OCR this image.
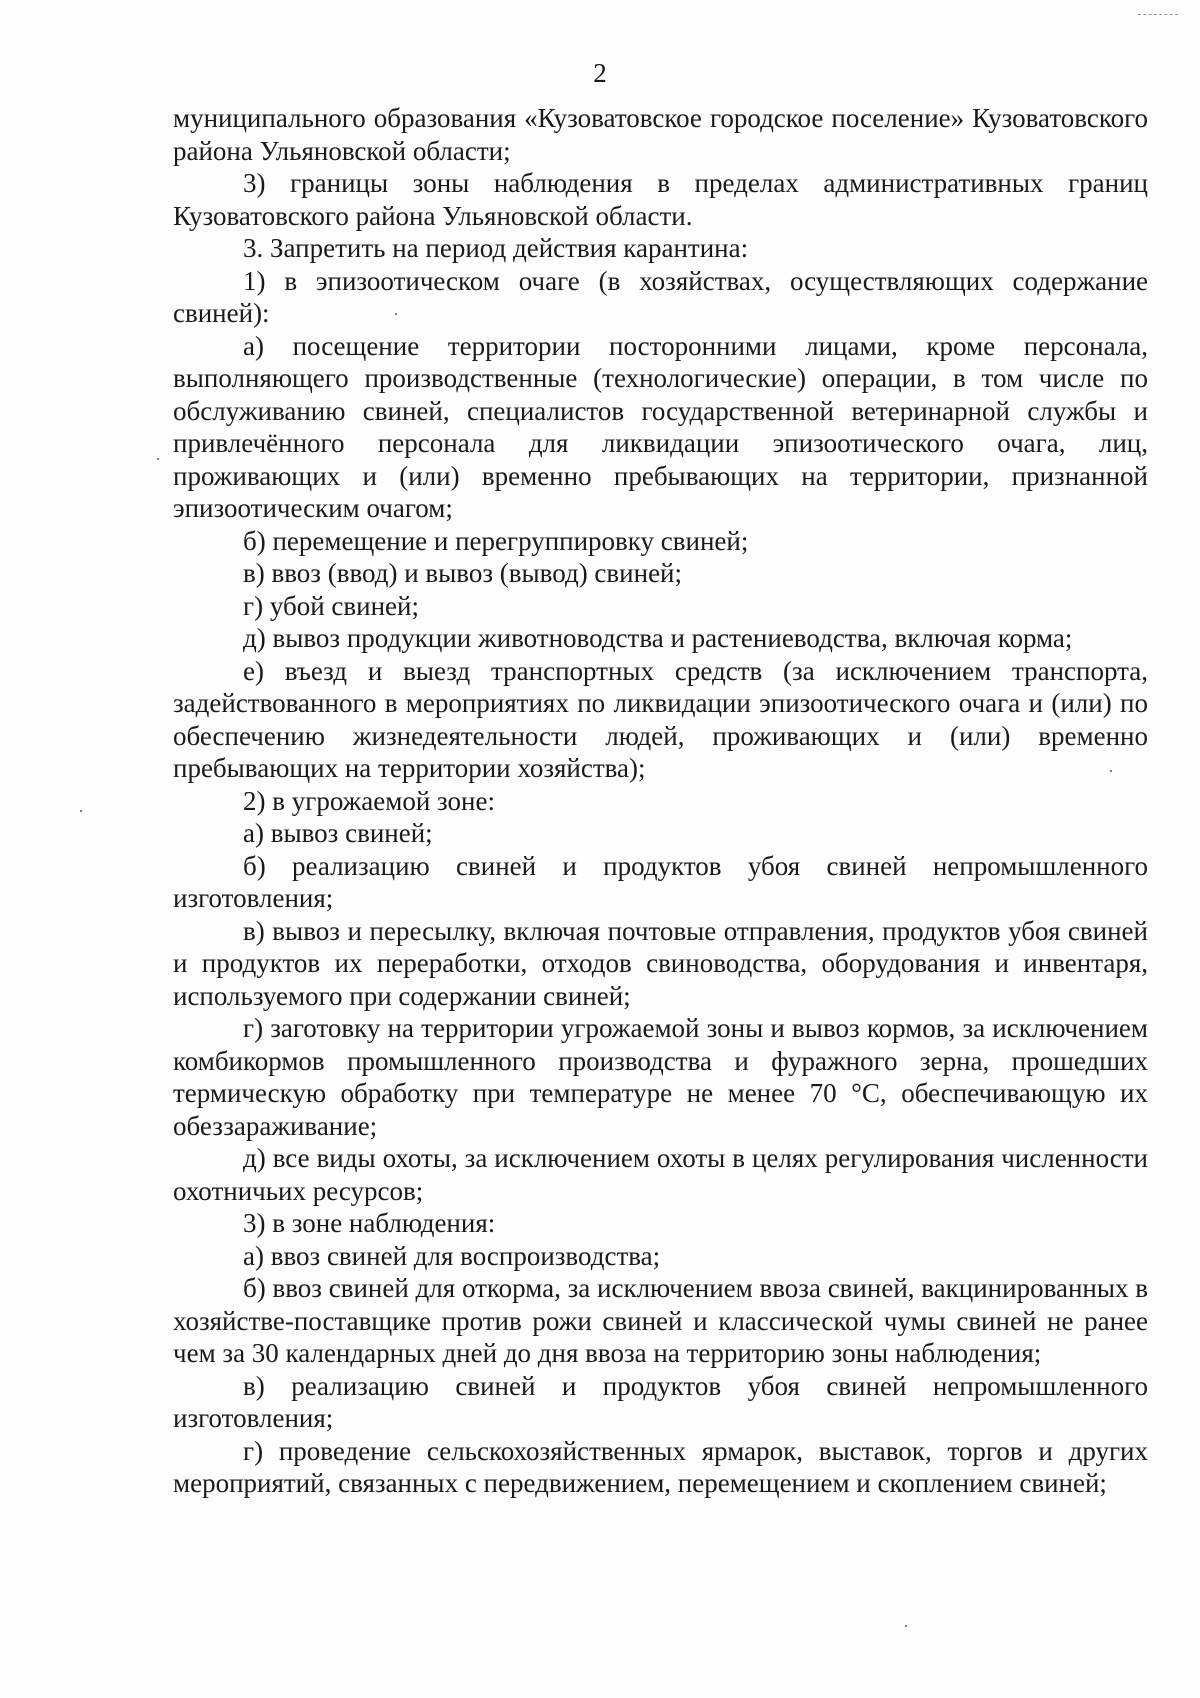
2

муниципального образования «Кузоватовское городское поселение» Кузоватовского района Ульяновской области;

3) границы зоны наблюдения в пределах административных границ Кузоватовского района Ульяновской области.

3. Запретить на период действия карантина:

1) в эпизоотическом очаге (в хозяйствах, осуществляющих содержание свиней):

а) посещение территории посторонними лицами, кроме персонала, выполняющего производственные (технологические) операции, в том числе по обслуживанию свиней, специалистов государственной ветеринарной службы и привлечённого персонала для ликвидации эпизоотического очага, лиц, проживающих и (или) временно пребывающих на территории, признанной эпизоотическим очагом;

б) перемещение и перегруппировку свиней;

в) ввоз (ввод) и вывоз (вывод) свиней;

г) убой свиней;

д) вывоз продукции животноводства и растениеводства, включая корма;

е) въезд и выезд транспортных средств (за исключением транспорта, задействованного в мероприятиях по ликвидации эпизоотического очага и (или) по обеспечению жизнедеятельности людей, проживающих и (или) временно пребывающих на территории хозяйства);

2) в угрожаемой зоне:

а) вывоз свиней;

б) реализацию свиней и продуктов убоя свиней непромышленного изготовления;

в) вывоз и пересылку, включая почтовые отправления, продуктов убоя свиней и продуктов их переработки, отходов свиноводства, оборудования и инвентаря, используемого при содержании свиней;

г) заготовку на территории угрожаемой зоны и вывоз кормов, за исключением комбикормов промышленного производства и фуражного зерна, прошедших термическую обработку при температуре не менее 70 °С, обеспечивающую их обеззараживание;

д) все виды охоты, за исключением охоты в целях регулирования численности охотничьих ресурсов;

3) в зоне наблюдения:

а) ввоз свиней для воспроизводства;

б) ввоз свиней для откорма, за исключением ввоза свиней, вакцинированных в хозяйстве-поставщике против рожи свиней и классической чумы свиней не ранее чем за 30 календарных дней до дня ввоза на территорию зоны наблюдения;

в) реализацию свиней и продуктов убоя свиней непромышленного изготовления;

г) проведение сельскохозяйственных ярмарок, выставок, торгов и других мероприятий, связанных с передвижением, перемещением и скоплением свиней;
